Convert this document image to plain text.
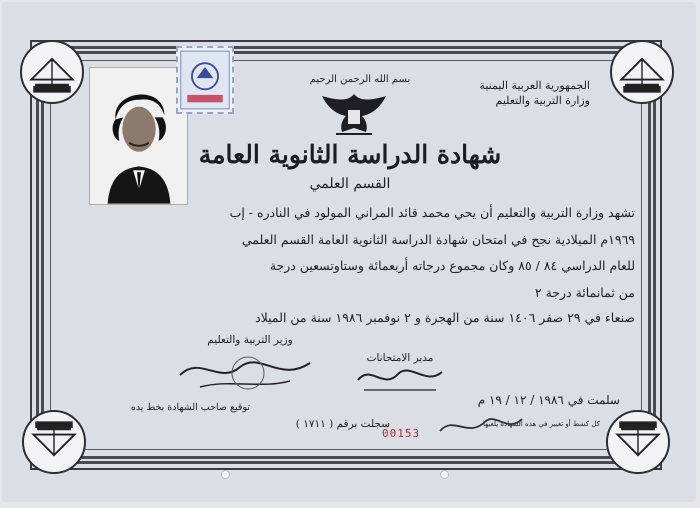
بسم الله الرحمن الرحيم	الجمهورية العربية اليمنية
وزارة التربية والتعليم
شهادة الدراسة الثانوية العامة
القسم العلمي
تشهد وزارة التربية والتعليم أن يحي محمد قائد المراني المولود في النادره - إب
١٩٦٩م الميلادية نجح في امتحان شهادة الدراسة الثانوية العامة القسم العلمي
للعام الدراسي ٨٤ / ٨٥ وكان مجموع درجاته أربعمائة وستاوتسعين درجة
من ثمانمائة درجة ٢
صنعاء في ٢٩ صفر ١٤٠٦ سنة من الهجرة و ٢ نوفمبر ١٩٨٦ سنة من الميلاد
وزير التربية والتعليم
مدير الامتحانات
سلمت في ١٩٨٦ / ١٢ / ١٩ م
توقيع صاحب الشهادة بخط يده
سجلت برقم ( ١٧١١ )
00153
كل كشط أو تغيير في هذه الشهادة يلغيها
